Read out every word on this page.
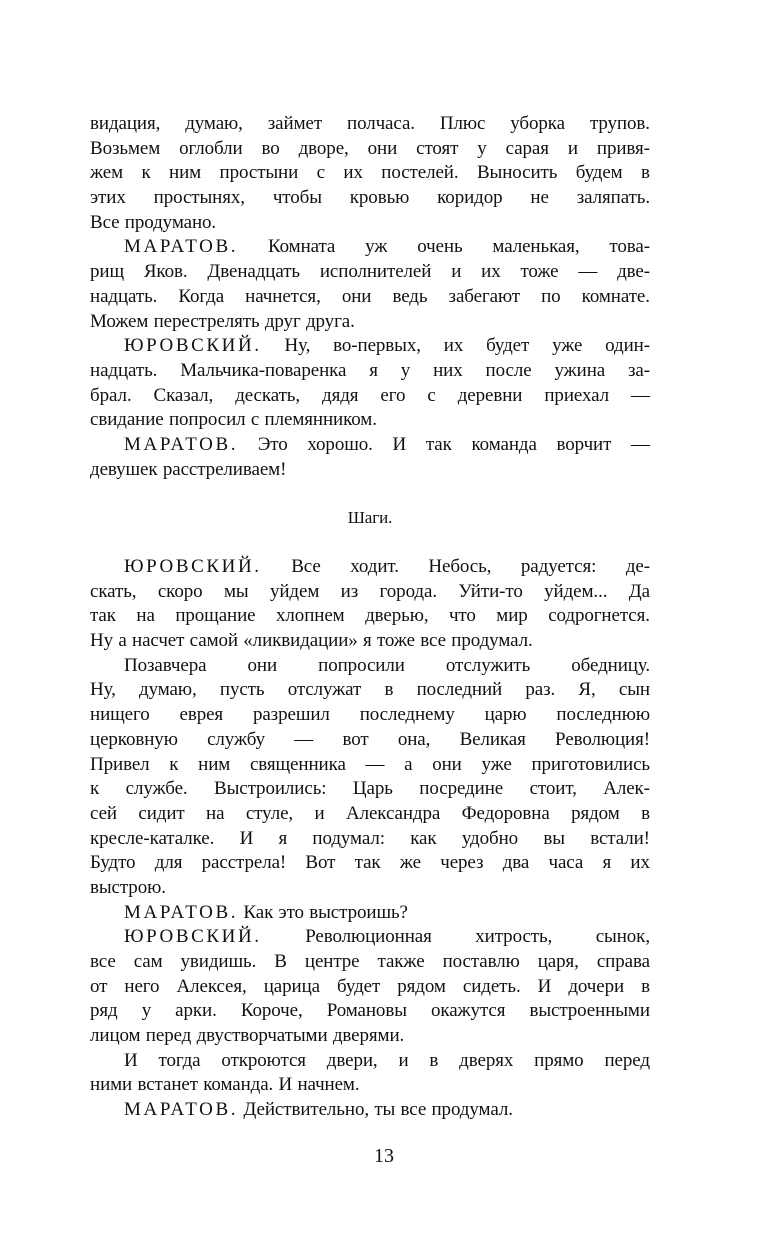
видация, думаю, займет полчаса. Плюс уборка трупов.
Возьмем оглобли во дворе, они стоят у сарая и привя-
жем к ним простыни с их постелей. Выносить будем в
этих простынях, чтобы кровью коридор не заляпать.
Все продумано.
МАРАТОВ. Комната уж очень маленькая, това-
рищ Яков. Двенадцать исполнителей и их тоже — две-
надцать. Когда начнется, они ведь забегают по комнате.
Можем перестрелять друг друга.
ЮРОВСКИЙ. Ну, во-первых, их будет уже один-
надцать. Мальчика-поваренка я у них после ужина за-
брал. Сказал, дескать, дядя его с деревни приехал —
свидание попросил с племянником.
МАРАТОВ. Это хорошо. И так команда ворчит —
девушек расстреливаем!
Шаги.
ЮРОВСКИЙ. Все ходит. Небось, радуется: де-
скать, скоро мы уйдем из города. Уйти-то уйдем... Да
так на прощание хлопнем дверью, что мир содрогнется.
Ну а насчет самой «ликвидации» я тоже все продумал.
Позавчера они попросили отслужить обедницу.
Ну, думаю, пусть отслужат в последний раз. Я, сын
нищего еврея разрешил последнему царю последнюю
церковную службу — вот она, Великая Революция!
Привел к ним священника — а они уже приготовились
к службе. Выстроились: Царь посредине стоит, Алек-
сей сидит на стуле, и Александра Федоровна рядом в
кресле-каталке. И я подумал: как удобно вы встали!
Будто для расстрела! Вот так же через два часа я их
выстрою.
МАРАТОВ. Как это выстроишь?
ЮРОВСКИЙ. Революционная хитрость, сынок,
все сам увидишь. В центре также поставлю царя, справа
от него Алексея, царица будет рядом сидеть. И дочери в
ряд у арки. Короче, Романовы окажутся выстроенными
лицом перед двустворчатыми дверями.
И тогда откроются двери, и в дверях прямо перед
ними встанет команда. И начнем.
МАРАТОВ. Действительно, ты все продумал.
13
